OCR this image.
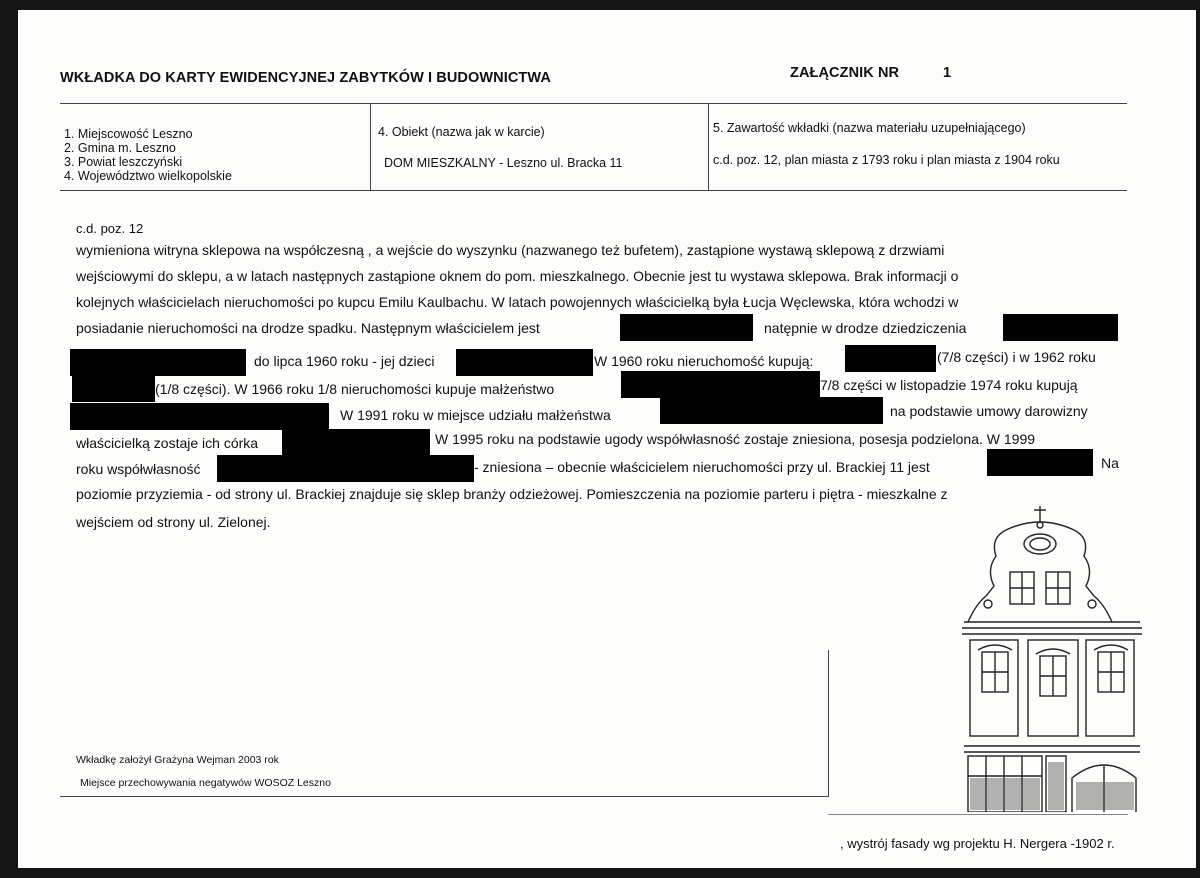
WKŁADKA DO KARTY EWIDENCYJNEJ ZABYTKÓW I BUDOWNICTWA	ZAŁĄCZNIK NR	1
1. Miejscowość Leszno
2. Gmina m. Leszno
3. Powiat leszczyński
4. Województwo wielkopolskie
4. Obiekt (nazwa jak w karcie)
DOM MIESZKALNY - Leszno ul. Bracka 11
5. Zawartość wkładki (nazwa materiału uzupełniającego)
c.d. poz. 12, plan miasta z 1793 roku i plan miasta z 1904 roku
c.d. poz. 12
wymieniona witryna sklepowa na współczesną , a wejście do wyszynku (nazwanego też bufetem), zastąpione wystawą sklepową z drzwiami
wejściowymi do sklepu, a w latach następnych zastąpione oknem do pom. mieszkalnego. Obecnie jest tu wystawa sklepowa. Brak informacji o
kolejnych właścicielach nieruchomości po kupcu Emilu Kaulbachu. W latach powojennych właścicielką była Łucja Węclewska, która wchodzi w
posiadanie nieruchomości na drodze spadku. Następnym właścicielem jest	natępnie w drodze dziedziczenia
do lipca 1960 roku - jej dzieci	W 1960 roku nieruchomość kupują:	(7/8 części) i w 1962 roku
(1/8 części). W 1966 roku 1/8 nieruchomości kupuje małżeństwo	7/8 części w listopadzie 1974 roku kupują
W 1991 roku w miejsce udziału małżeństwa	na podstawie umowy darowizny
właścicielką zostaje ich córka	W 1995 roku na podstawie ugody współwłasność zostaje zniesiona, posesja podzielona. W 1999
roku współwłasność	- zniesiona – obecnie właścicielem nieruchomości przy ul. Brackiej 11 jest	Na
poziomie przyziemia - od strony ul. Brackiej znajduje się sklep branży odzieżowej. Pomieszczenia na poziomie parteru i piętra - mieszkalne z
wejściem od strony ul. Zielonej.
Wkładkę założył Grażyna Wejman 2003 rok
Miejsce przechowywania negatywów WOSOZ Leszno
, wystrój fasady wg projektu H. Nergera -1902 r.
